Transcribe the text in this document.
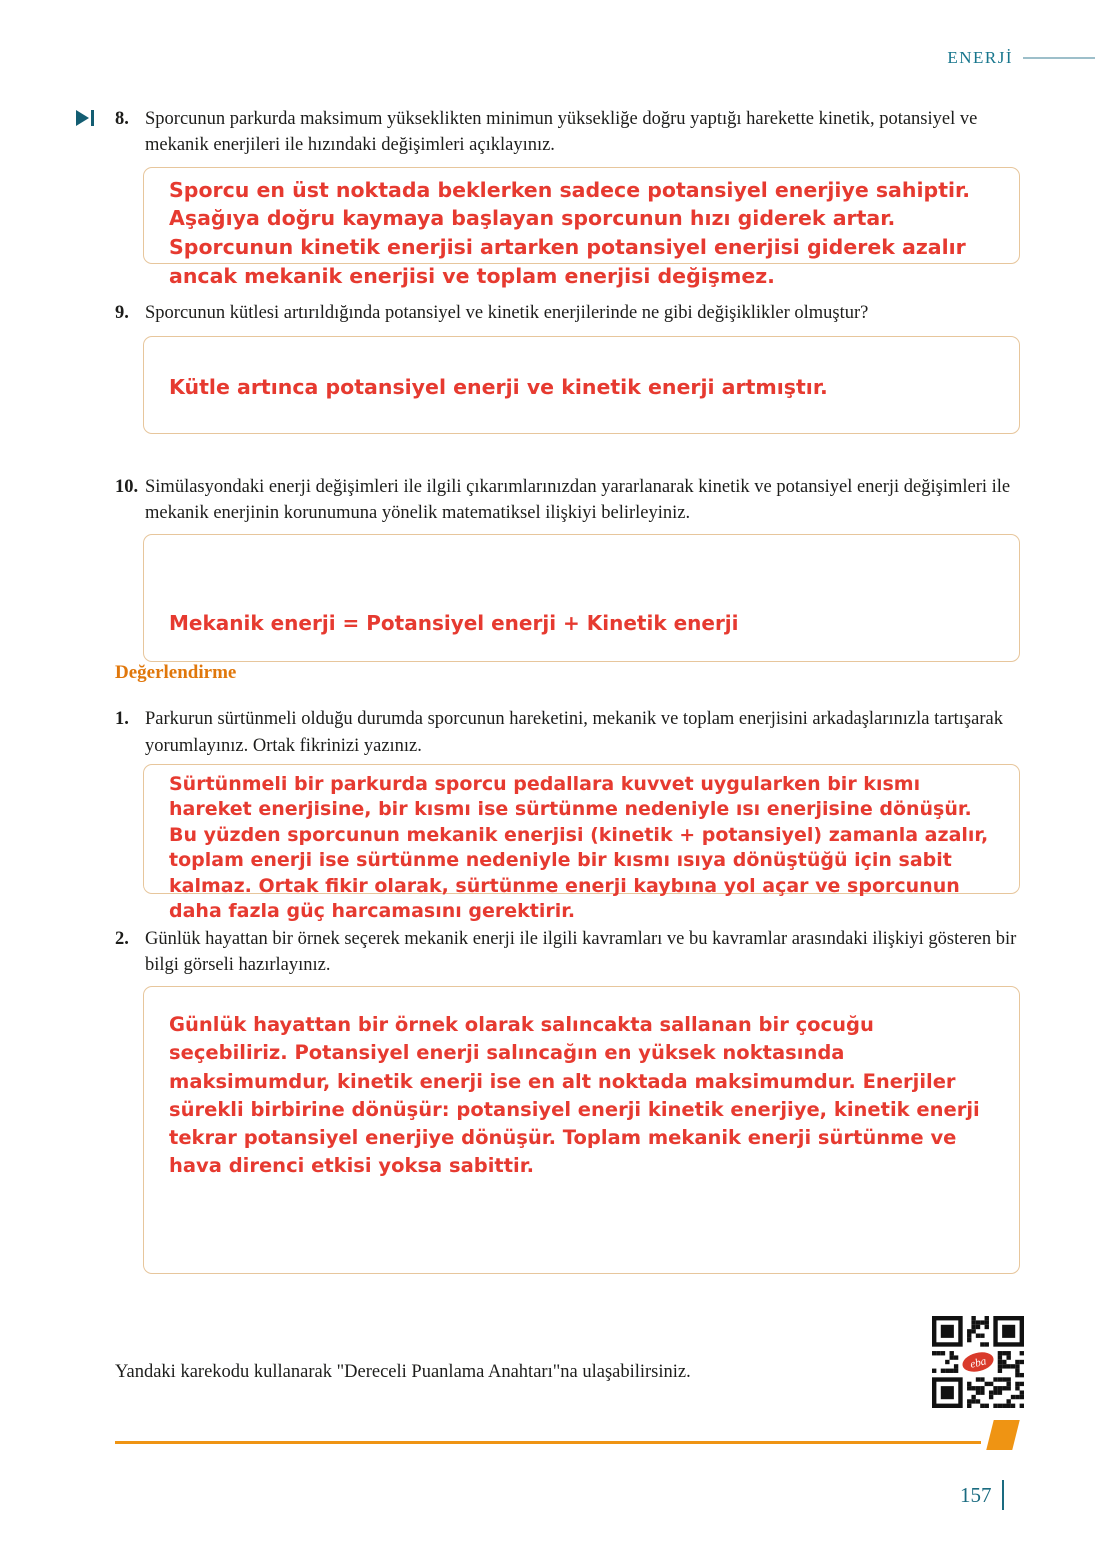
ENERJİ
8. Sporcunun parkurda maksimum yükseklikten minimun yüksekliğe doğru yaptığı harekette kinetik, potansiyel ve mekanik enerjileri ile hızındaki değişimleri açıklayınız.

Sporcu en üst noktada beklerken sadece potansiyel enerjiye sahiptir. Aşağıya doğru kaymaya başlayan sporcunun hızı giderek artar. Sporcunun kinetik enerjisi artarken potansiyel enerjisi giderek azalır ancak mekanik enerjisi ve toplam enerjisi değişmez.

9. Sporcunun kütlesi artırıldığında potansiyel ve kinetik enerjilerinde ne gibi değişiklikler olmuştur?

Kütle artınca potansiyel enerji ve kinetik enerji artmıştır.

10. Simülasyondaki enerji değişimleri ile ilgili çıkarımlarınızdan yararlanarak kinetik ve potansiyel enerji değişimleri ile mekanik enerjinin korunumuna yönelik matematiksel ilişkiyi belirleyiniz.

Mekanik enerji = Potansiyel enerji + Kinetik enerji

Değerlendirme
1. Parkurun sürtünmeli olduğu durumda sporcunun hareketini, mekanik ve toplam enerjisini arkadaşlarınızla tartışarak yorumlayınız. Ortak fikrinizi yazınız.

Sürtünmeli bir parkurda sporcu pedallara kuvvet uygularken bir kısmı hareket enerjisine, bir kısmı ise sürtünme nedeniyle ısı enerjisine dönüşür. Bu yüzden sporcunun mekanik enerjisi (kinetik + potansiyel) zamanla azalır, toplam enerji ise sürtünme nedeniyle bir kısmı ısıya dönüştüğü için sabit kalmaz. Ortak fikir olarak, sürtünme enerji kaybına yol açar ve sporcunun daha fazla güç harcamasını gerektirir.

2. Günlük hayattan bir örnek seçerek mekanik enerji ile ilgili kavramları ve bu kavramlar arasındaki ilişkiyi gösteren bir bilgi görseli hazırlayınız.

Günlük hayattan bir örnek olarak salıncakta sallanan bir çocuğu seçebiliriz. Potansiyel enerji salıncağın en yüksek noktasında maksimumdur, kinetik enerji ise en alt noktada maksimumdur. Enerjiler sürekli birbirine dönüşür: potansiyel enerji kinetik enerjiye, kinetik enerji tekrar potansiyel enerjiye dönüşür. Toplam mekanik enerji sürtünme ve hava direnci etkisi yoksa sabittir.

Yandaki karekodu kullanarak "Dereceli Puanlama Anahtarı"na ulaşabilirsiniz.	eba
157
